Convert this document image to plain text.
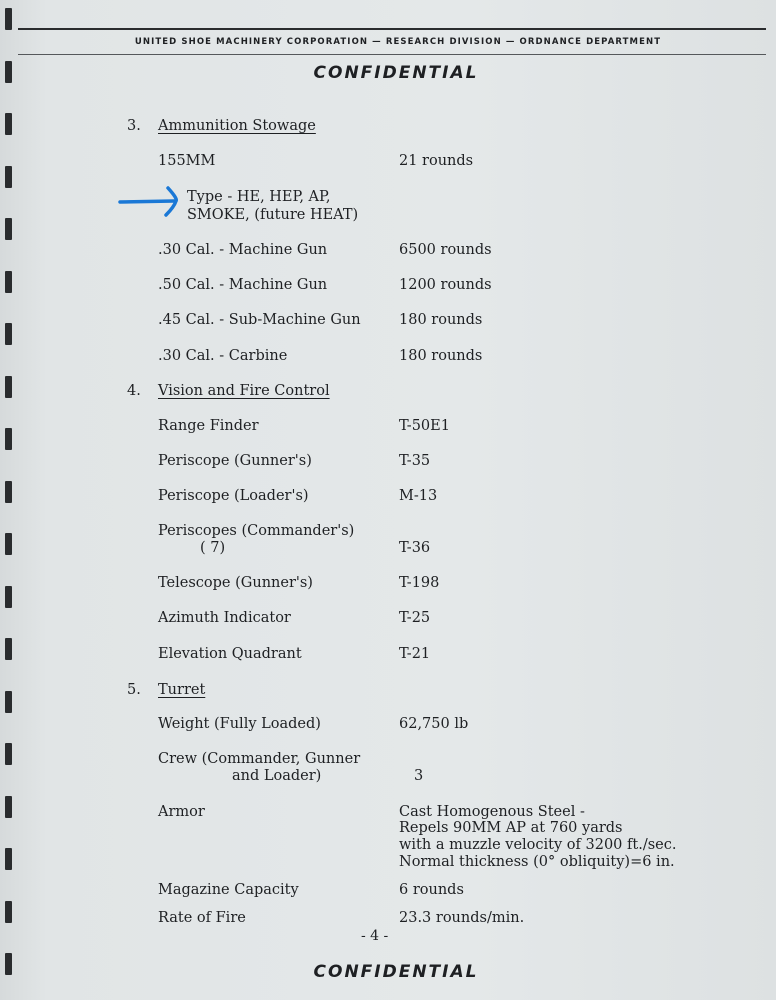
UNITED SHOE MACHINERY CORPORATION — RESEARCH DIVISION — ORDNANCE DEPARTMENT
CONFIDENTIAL
3. Ammunition Stowage
155MM	21 rounds
Type - HE, HEP, AP,
SMOKE, (future HEAT)
.30 Cal. - Machine Gun	6500 rounds
.50 Cal. - Machine Gun	1200 rounds
.45 Cal. - Sub-Machine Gun	180 rounds
.30 Cal. - Carbine	180 rounds
4. Vision and Fire Control
Range Finder	T-50E1
Periscope (Gunner's)	T-35
Periscope (Loader's)	M-13
Periscopes (Commander's)
( 7)	T-36
Telescope (Gunner's)	T-198
Azimuth Indicator	T-25
Elevation Quadrant	T-21
5. Turret
Weight (Fully Loaded)	62,750 lb
Crew (Commander, Gunner
and Loader)	3
Armor	Cast Homogenous Steel -
Repels 90MM AP at 760 yards
with a muzzle velocity of 3200 ft./sec.
Normal thickness (0° obliquity)=6 in.
Magazine Capacity	6 rounds
Rate of Fire	23.3 rounds/min.
- 4 -
CONFIDENTIAL
